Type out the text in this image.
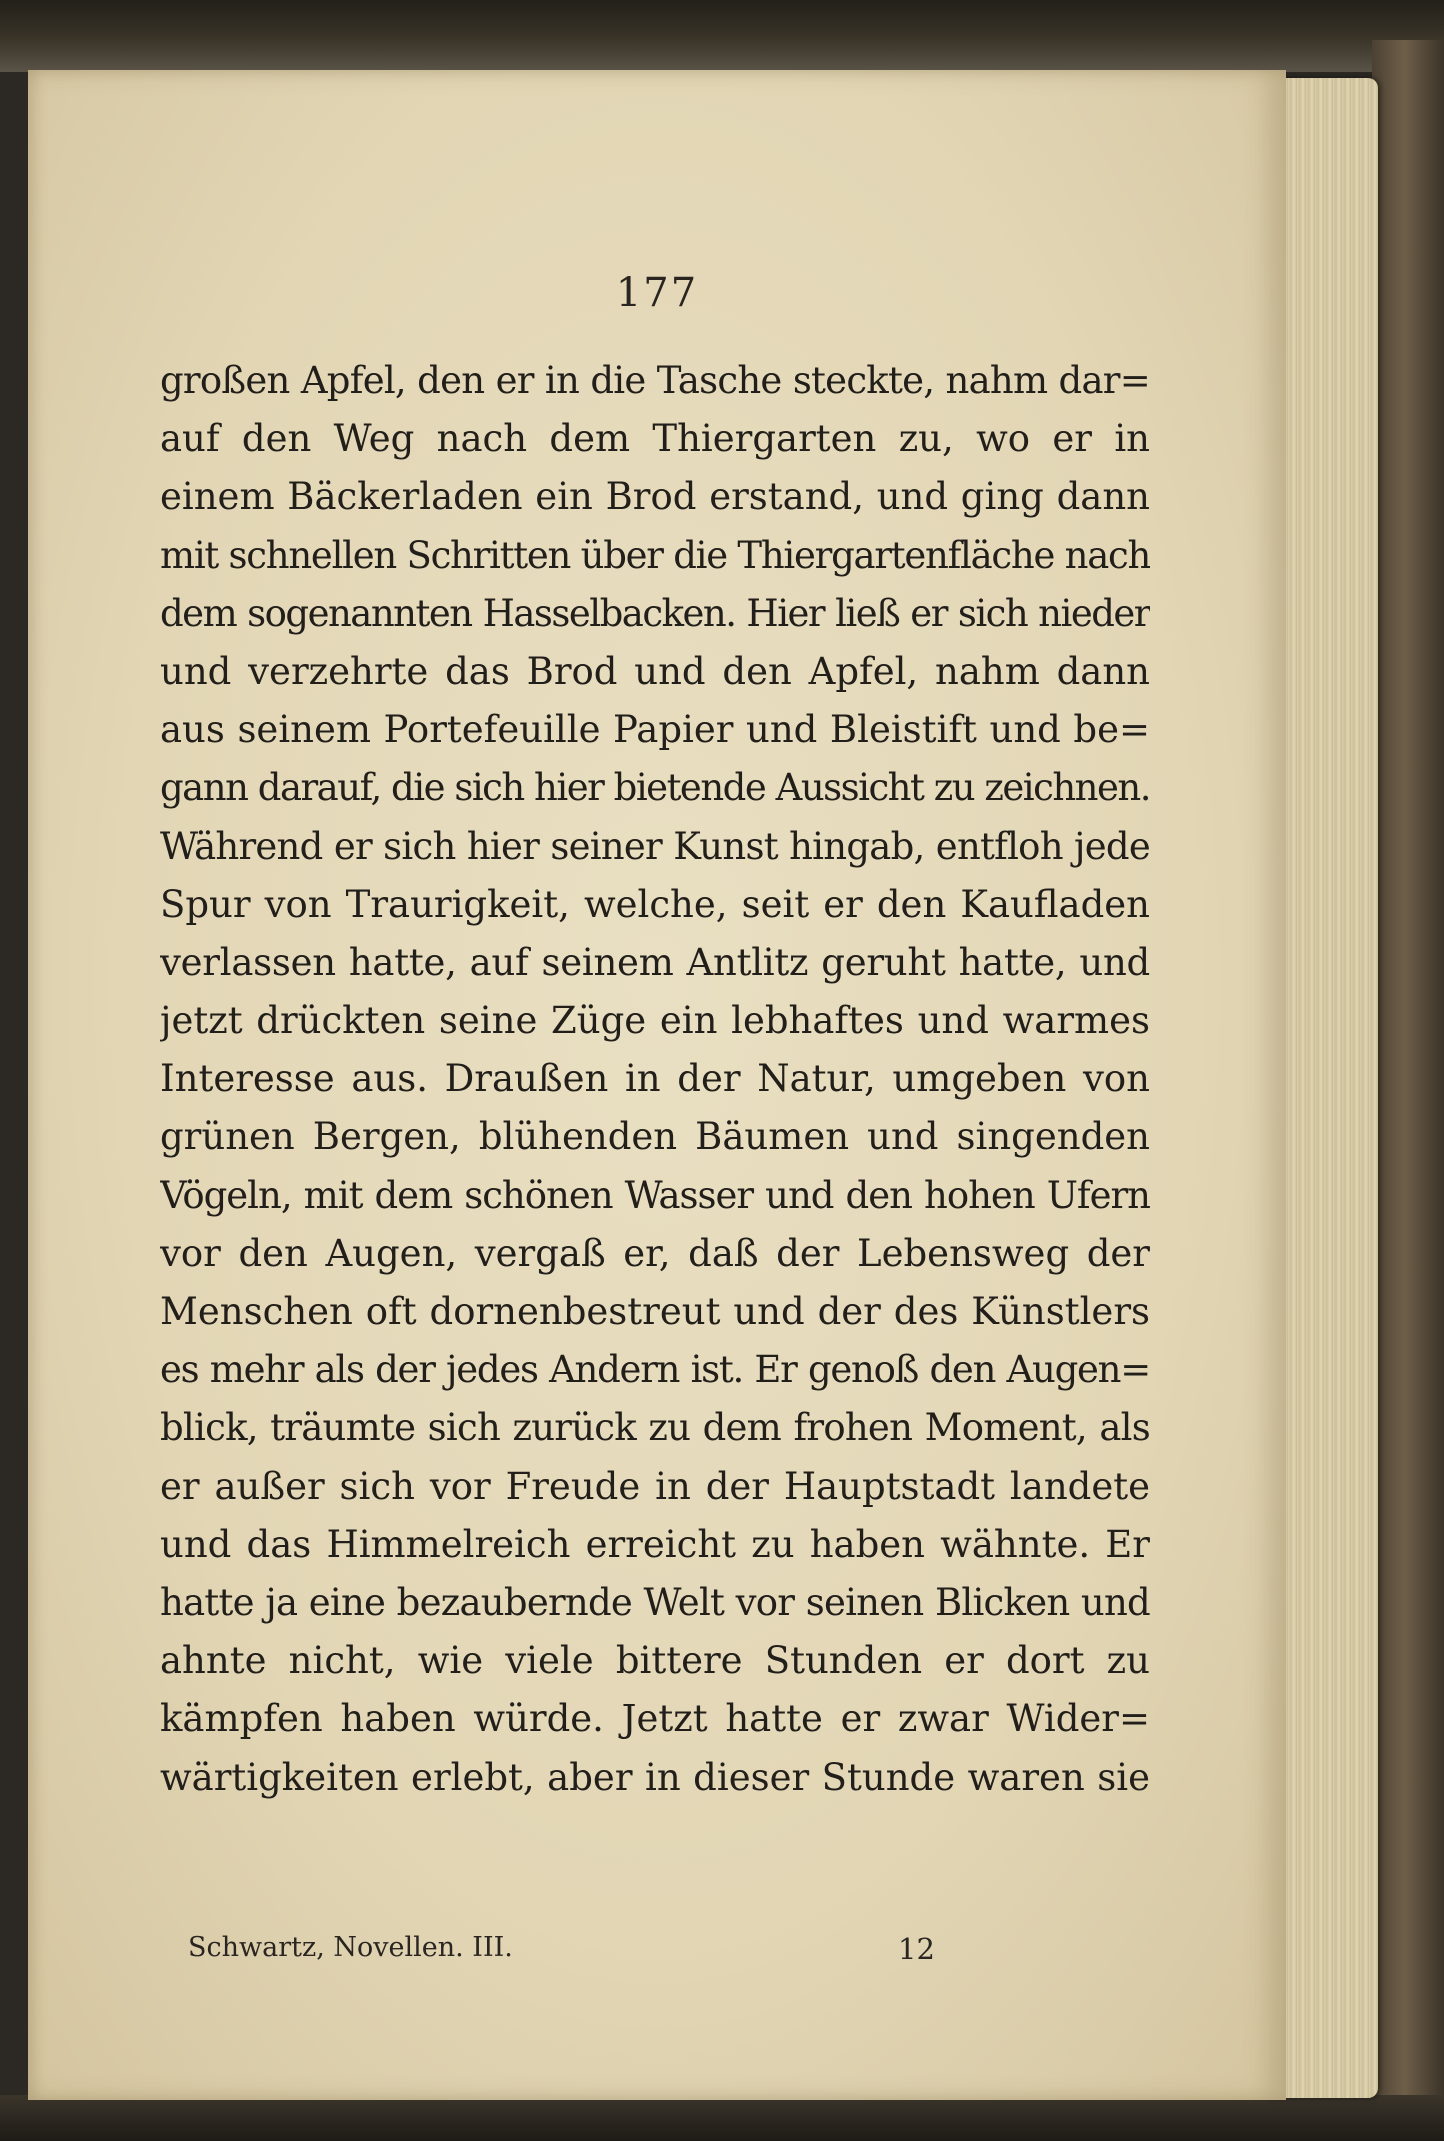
177
großen Apfel, den er in die Tasche steckte, nahm dar=
auf den Weg nach dem Thiergarten zu, wo er in
einem Bäckerladen ein Brod erstand, und ging dann
mit schnellen Schritten über die Thiergartenfläche nach
dem sogenannten Hasselbacken. Hier ließ er sich nieder
und verzehrte das Brod und den Apfel, nahm dann
aus seinem Portefeuille Papier und Bleistift und be=
gann darauf, die sich hier bietende Aussicht zu zeichnen.
Während er sich hier seiner Kunst hingab, entfloh jede
Spur von Traurigkeit, welche, seit er den Kaufladen
verlassen hatte, auf seinem Antlitz geruht hatte, und
jetzt drückten seine Züge ein lebhaftes und warmes
Interesse aus. Draußen in der Natur, umgeben von
grünen Bergen, blühenden Bäumen und singenden
Vögeln, mit dem schönen Wasser und den hohen Ufern
vor den Augen, vergaß er, daß der Lebensweg der
Menschen oft dornenbestreut und der des Künstlers
es mehr als der jedes Andern ist. Er genoß den Augen=
blick, träumte sich zurück zu dem frohen Moment, als
er außer sich vor Freude in der Hauptstadt landete
und das Himmelreich erreicht zu haben wähnte. Er
hatte ja eine bezaubernde Welt vor seinen Blicken und
ahnte nicht, wie viele bittere Stunden er dort zu
kämpfen haben würde. Jetzt hatte er zwar Wider=
wärtigkeiten erlebt, aber in dieser Stunde waren sie
Schwartz, Novellen. III.	12
